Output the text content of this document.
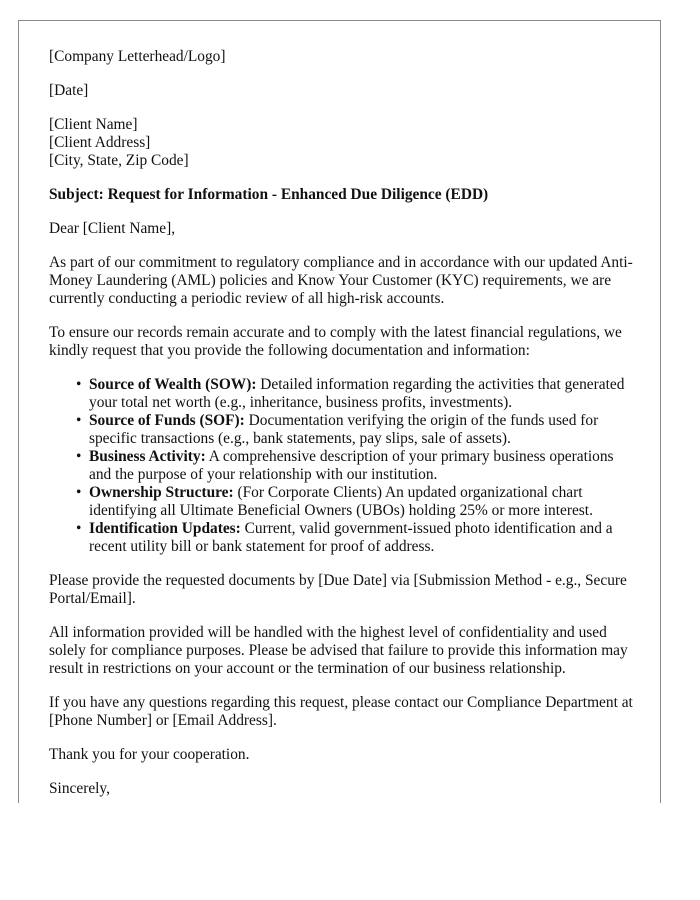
[Company Letterhead/Logo]

[Date]

[Client Name]
[Client Address]
[City, State, Zip Code]

Subject: Request for Information - Enhanced Due Diligence (EDD)

Dear [Client Name],

As part of our commitment to regulatory compliance and in accordance with our updated Anti-Money Laundering (AML) policies and Know Your Customer (KYC) requirements, we are currently conducting a periodic review of all high-risk accounts.

To ensure our records remain accurate and to comply with the latest financial regulations, we kindly request that you provide the following documentation and information:

• Source of Wealth (SOW): Detailed information regarding the activities that generated your total net worth (e.g., inheritance, business profits, investments).
• Source of Funds (SOF): Documentation verifying the origin of the funds used for specific transactions (e.g., bank statements, pay slips, sale of assets).
• Business Activity: A comprehensive description of your primary business operations and the purpose of your relationship with our institution.
• Ownership Structure: (For Corporate Clients) An updated organizational chart identifying all Ultimate Beneficial Owners (UBOs) holding 25% or more interest.
• Identification Updates: Current, valid government-issued photo identification and a recent utility bill or bank statement for proof of address.

Please provide the requested documents by [Due Date] via [Submission Method - e.g., Secure Portal/Email].

All information provided will be handled with the highest level of confidentiality and used solely for compliance purposes. Please be advised that failure to provide this information may result in restrictions on your account or the termination of our business relationship.

If you have any questions regarding this request, please contact our Compliance Department at [Phone Number] or [Email Address].

Thank you for your cooperation.

Sincerely,
